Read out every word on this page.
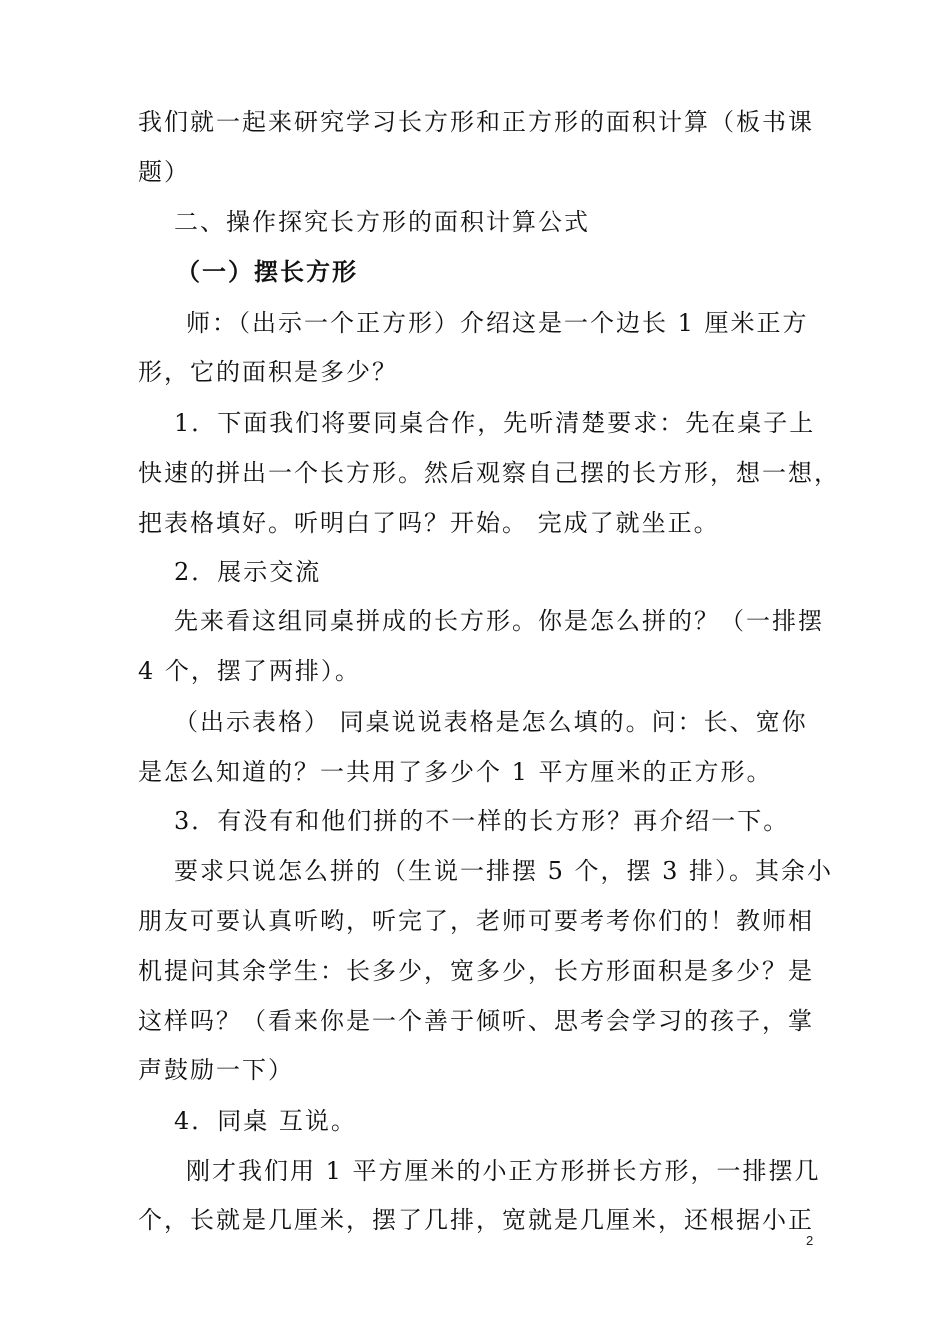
我们就一起来研究学习长方形和正方形的面积计算（板书课
题）
二、操作探究长方形的面积计算公式
（一）摆长方形
师：（出示一个正方形）介绍这是一个边长 1 厘米正方
形，它的面积是多少？
1．下面我们将要同桌合作，先听清楚要求：先在桌子上
快速的拼出一个长方形。然后观察自己摆的长方形，想一想，
把表格填好。听明白了吗？开始。 完成了就坐正。
2．展示交流
先来看这组同桌拼成的长方形。你是怎么拼的？（一排摆
4 个，摆了两排）。
（出示表格） 同桌说说表格是怎么填的。问：长、宽你
是怎么知道的？一共用了多少个 1 平方厘米的正方形。
3．有没有和他们拼的不一样的长方形？再介绍一下。
要求只说怎么拼的（生说一排摆 5 个，摆 3 排）。其余小
朋友可要认真听哟，听完了，老师可要考考你们的！教师相
机提问其余学生：长多少，宽多少，长方形面积是多少？是
这样吗？（看来你是一个善于倾听、思考会学习的孩子，掌
声鼓励一下）
4．同桌 互说。
刚才我们用 1 平方厘米的小正方形拼长方形，一排摆几
个，长就是几厘米，摆了几排，宽就是几厘米，还根据小正
2
